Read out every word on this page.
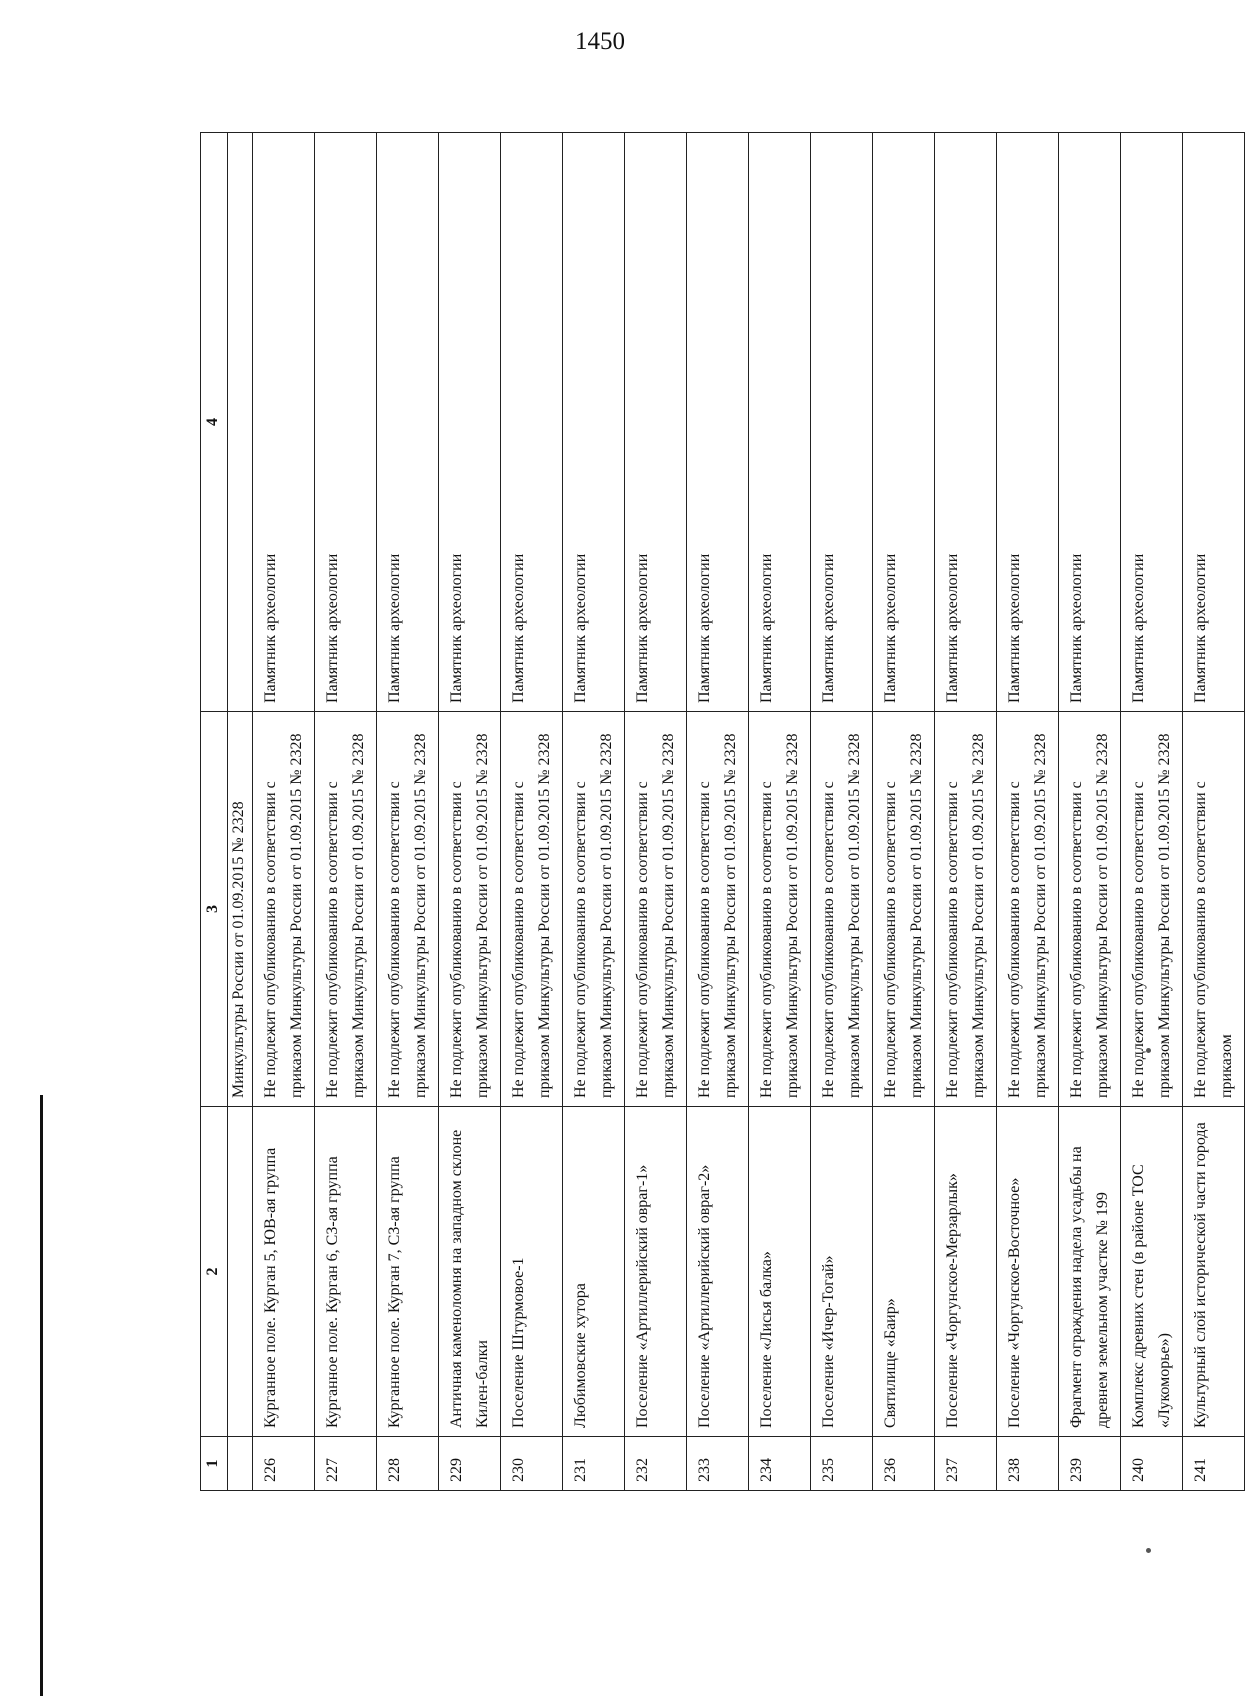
1450
1	2	3	4
		Минкультуры России от 01.09.2015 № 2328	
226	Курганное поле. Курган 5, ЮВ-ая группа	Не подлежит опубликованию в соответствии с приказом Минкультуры России от 01.09.2015 № 2328	Памятник археологии
227	Курганное поле. Курган 6, СЗ-ая группа	Не подлежит опубликованию в соответствии с приказом Минкультуры России от 01.09.2015 № 2328	Памятник археологии
228	Курганное поле. Курган 7, СЗ-ая группа	Не подлежит опубликованию в соответствии с приказом Минкультуры России от 01.09.2015 № 2328	Памятник археологии
229	Античная каменоломня на западном склоне Килен-балки	Не подлежит опубликованию в соответствии с приказом Минкультуры России от 01.09.2015 № 2328	Памятник археологии
230	Поселение Штурмовое-1	Не подлежит опубликованию в соответствии с приказом Минкультуры России от 01.09.2015 № 2328	Памятник археологии
231	Любимовские хутора	Не подлежит опубликованию в соответствии с приказом Минкультуры России от 01.09.2015 № 2328	Памятник археологии
232	Поселение «Артиллерийский овраг-1»	Не подлежит опубликованию в соответствии с приказом Минкультуры России от 01.09.2015 № 2328	Памятник археологии
233	Поселение «Артиллерийский овраг-2»	Не подлежит опубликованию в соответствии с приказом Минкультуры России от 01.09.2015 № 2328	Памятник археологии
234	Поселение «Лисья балка»	Не подлежит опубликованию в соответствии с приказом Минкультуры России от 01.09.2015 № 2328	Памятник археологии
235	Поселение «Ичер-Тогай»	Не подлежит опубликованию в соответствии с приказом Минкультуры России от 01.09.2015 № 2328	Памятник археологии
236	Святилище «Баир»	Не подлежит опубликованию в соответствии с приказом Минкультуры России от 01.09.2015 № 2328	Памятник археологии
237	Поселение «Чоргунское-Мерзарлык»	Не подлежит опубликованию в соответствии с приказом Минкультуры России от 01.09.2015 № 2328	Памятник археологии
238	Поселение «Чоргунское-Восточное»	Не подлежит опубликованию в соответствии с приказом Минкультуры России от 01.09.2015 № 2328	Памятник археологии
239	Фрагмент ограждения надела усадьбы на древнем земельном участке № 199	Не подлежит опубликованию в соответствии с приказом Минкультуры России от 01.09.2015 № 2328	Памятник археологии
240	Комплекс древних стен (в районе ТОС «Лукоморье»)	Не подлежит опубликованию в соответствии с приказом Минкультуры России от 01.09.2015 № 2328	Памятник археологии
241	Культурный слой исторической части города	Не подлежит опубликованию в соответствии с приказом	Памятник археологии
